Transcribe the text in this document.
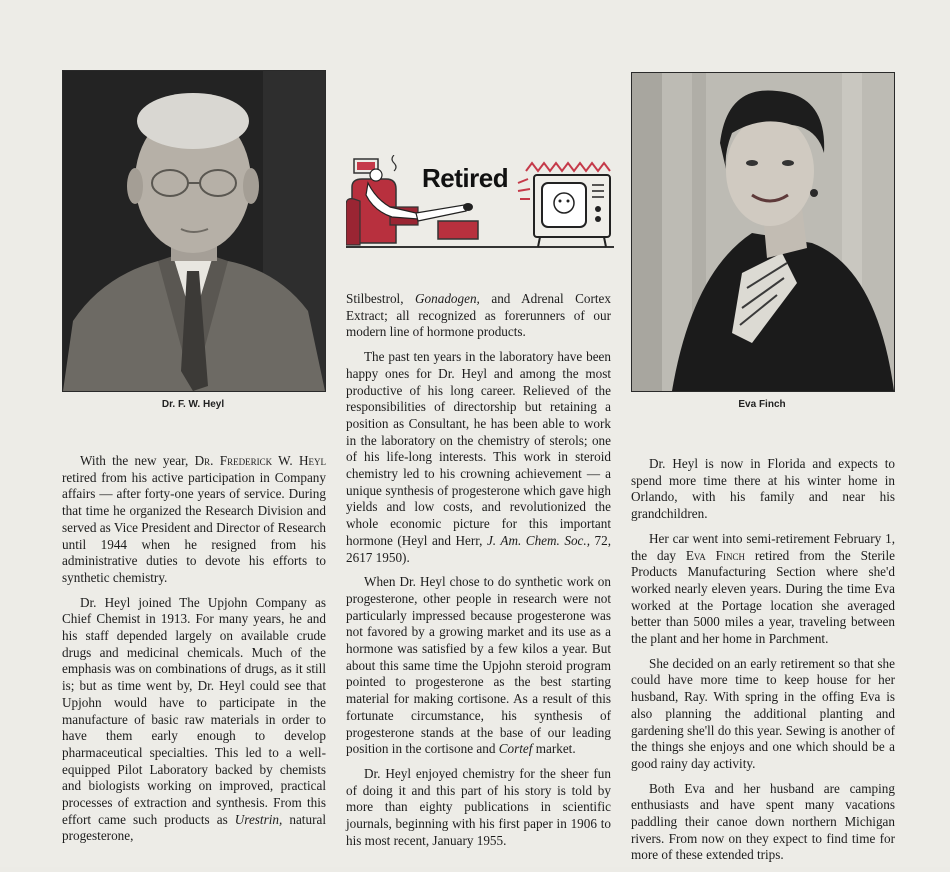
Dr. F. W. Heyl
Retired
Eva Finch

With the new year, Dr. Frederick W. Heyl retired from his active participation in Company affairs — after forty-one years of service. During that time he organized the Research Division and served as Vice President and Director of Research until 1944 when he resigned from his administrative duties to devote his efforts to synthetic chemistry.

Dr. Heyl joined The Upjohn Company as Chief Chemist in 1913. For many years, he and his staff depended largely on available crude drugs and medicinal chemicals. Much of the emphasis was on combinations of drugs, as it still is; but as time went by, Dr. Heyl could see that Upjohn would have to participate in the manufacture of basic raw materials in order to have them early enough to develop pharmaceutical specialties. This led to a well-equipped Pilot Laboratory backed by chemists and biologists working on improved, practical processes of extraction and synthesis. From this effort came such products as Urestrin, natural progesterone,

Stilbestrol, Gonadogen, and Adrenal Cortex Extract; all recognized as forerunners of our modern line of hormone products.

The past ten years in the laboratory have been happy ones for Dr. Heyl and among the most productive of his long career. Relieved of the responsibilities of directorship but retaining a position as Consultant, he has been able to work in the laboratory on the chemistry of sterols; one of his life-long interests. This work in steroid chemistry led to his crowning achievement — a unique synthesis of progesterone which gave high yields and low costs, and revolutionized the whole economic picture for this important hormone (Heyl and Herr, J. Am. Chem. Soc., 72, 2617 1950).

When Dr. Heyl chose to do synthetic work on progesterone, other people in research were not particularly impressed because progesterone was not favored by a growing market and its use as a hormone was satisfied by a few kilos a year. But about this same time the Upjohn steroid program pointed to progesterone as the best starting material for making cortisone. As a result of this fortunate circumstance, his synthesis of progesterone stands at the base of our leading position in the cortisone and Cortef market.

Dr. Heyl enjoyed chemistry for the sheer fun of doing it and this part of his story is told by more than eighty publications in scientific journals, beginning with his first paper in 1906 to his most recent, January 1955.

Dr. Heyl is now in Florida and expects to spend more time there at his winter home in Orlando, with his family and near his grandchildren.

Her car went into semi-retirement February 1, the day Eva Finch retired from the Sterile Products Manufacturing Section where she'd worked nearly eleven years. During the time Eva worked at the Portage location she averaged better than 5000 miles a year, traveling between the plant and her home in Parchment.

She decided on an early retirement so that she could have more time to keep house for her husband, Ray. With spring in the offing Eva is also planning the additional planting and gardening she'll do this year. Sewing is another of the things she enjoys and one which should be a good rainy day activity.

Both Eva and her husband are camping enthusiasts and have spent many vacations paddling their canoe down northern Michigan rivers. From now on they expect to find time for more of these extended trips.
